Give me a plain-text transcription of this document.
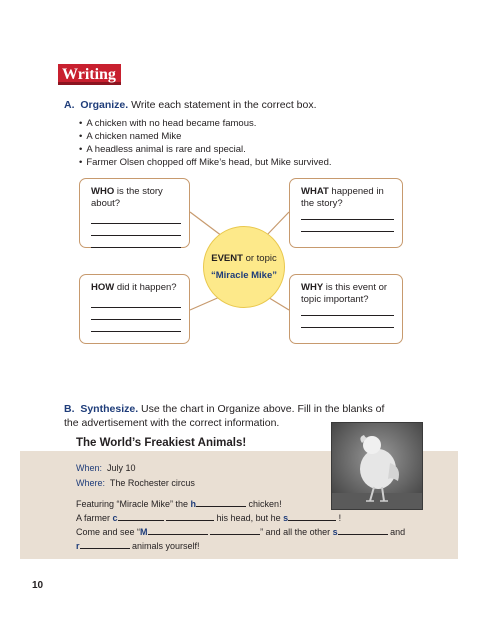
Writing
A. Organize. Write each statement in the correct box.
• A chicken with no head became famous.
• A chicken named Mike
• A headless animal is rare and special.
• Farmer Olsen chopped off Mike’s head, but Mike survived.
WHO is the story about?
WHAT happened in the story?
HOW did it happen?	WHY is this event or topic important?
EVENT or topic
“Miracle Mike”
B. Synthesize. Use the chart in Organize above. Fill in the blanks of the advertisement with the correct information.
The World’s Freakiest Animals!
When: July 10
Where: The Rochester circus
Featuring “Miracle Mike” the h	chicken!
A farmer c	his head, but he s	!
Come and see “M	” and all the other s	and
r	animals yourself!
10
